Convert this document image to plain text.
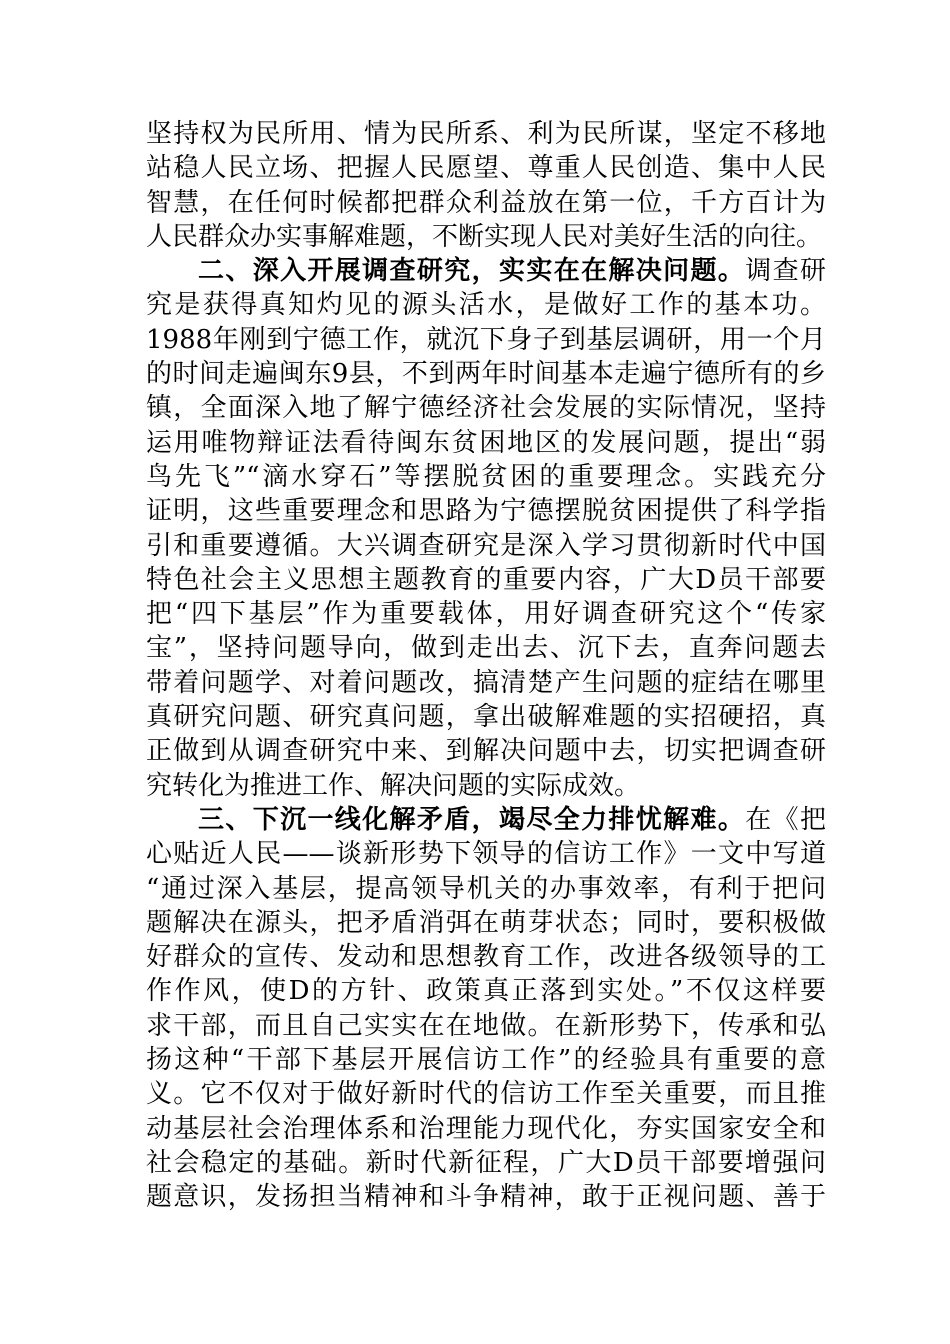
坚持权为民所用、情为民所系、利为民所谋，坚定不移地
站稳人民立场、把握人民愿望、尊重人民创造、集中人民
智慧，在任何时候都把群众利益放在第一位，千方百计为
人民群众办实事解难题，不断实现人民对美好生活的向往。
二、深入开展调查研究，实实在在解决问题。调查研
究是获得真知灼见的源头活水，是做好工作的基本功。
1988年刚到宁德工作，就沉下身子到基层调研，用一个月
的时间走遍闽东9县，不到两年时间基本走遍宁德所有的乡
镇，全面深入地了解宁德经济社会发展的实际情况，坚持
运用唯物辩证法看待闽东贫困地区的发展问题，提出“弱
鸟先飞”“滴水穿石”等摆脱贫困的重要理念。实践充分
证明，这些重要理念和思路为宁德摆脱贫困提供了科学指
引和重要遵循。大兴调查研究是深入学习贯彻新时代中国
特色社会主义思想主题教育的重要内容，广大D员干部要
把“四下基层”作为重要载体，用好调查研究这个“传家
宝”，坚持问题导向，做到走出去、沉下去，直奔问题去
带着问题学、对着问题改，搞清楚产生问题的症结在哪里
真研究问题、研究真问题，拿出破解难题的实招硬招，真
正做到从调查研究中来、到解决问题中去，切实把调查研
究转化为推进工作、解决问题的实际成效。
三、下沉一线化解矛盾，竭尽全力排忧解难。在《把
心贴近人民——谈新形势下领导的信访工作》一文中写道
“通过深入基层，提高领导机关的办事效率，有利于把问
题解决在源头，把矛盾消弭在萌芽状态；同时，要积极做
好群众的宣传、发动和思想教育工作，改进各级领导的工
作作风，使D的方针、政策真正落到实处。”不仅这样要
求干部，而且自己实实在在地做。在新形势下，传承和弘
扬这种“干部下基层开展信访工作”的经验具有重要的意
义。它不仅对于做好新时代的信访工作至关重要，而且推
动基层社会治理体系和治理能力现代化，夯实国家安全和
社会稳定的基础。新时代新征程，广大D员干部要增强问
题意识，发扬担当精神和斗争精神，敢于正视问题、善于
